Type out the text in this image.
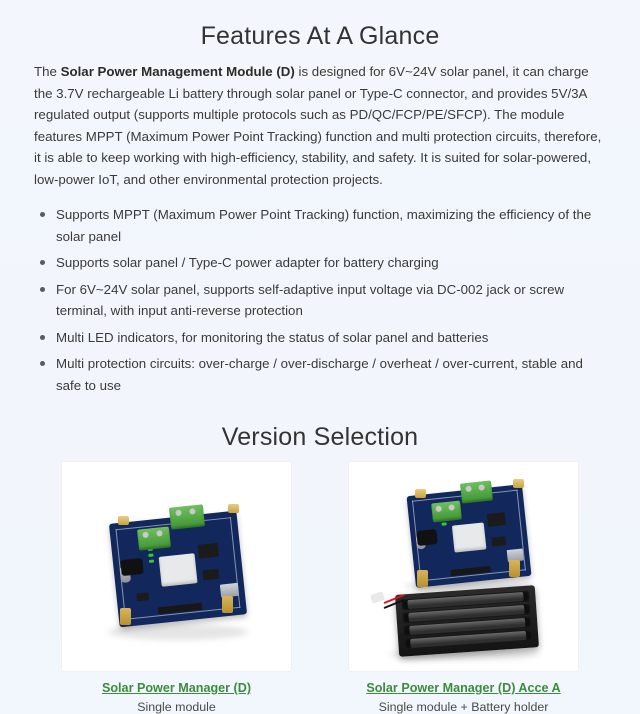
Features At A Glance

The Solar Power Management Module (D) is designed for 6V~24V solar panel, it can charge the 3.7V rechargeable Li battery through solar panel or Type-C connector, and provides 5V/3A regulated output (supports multiple protocols such as PD/QC/FCP/PE/SFCP). The module features MPPT (Maximum Power Point Tracking) function and multi protection circuits, therefore, it is able to keep working with high-efficiency, stability, and safety. It is suited for solar-powered, low-power IoT, and other environmental protection projects.

Supports MPPT (Maximum Power Point Tracking) function, maximizing the efficiency of the solar panel
Supports solar panel / Type-C power adapter for battery charging
For 6V~24V solar panel, supports self-adaptive input voltage via DC-002 jack or screw terminal, with input anti-reverse protection
Multi LED indicators, for monitoring the status of solar panel and batteries
Multi protection circuits: over-charge / over-discharge / overheat / over-current, stable and safe to use
Version Selection
Solar Power Manager (D)
Single module
Solar Power Manager (D) Acce A
Single module + Battery holder
